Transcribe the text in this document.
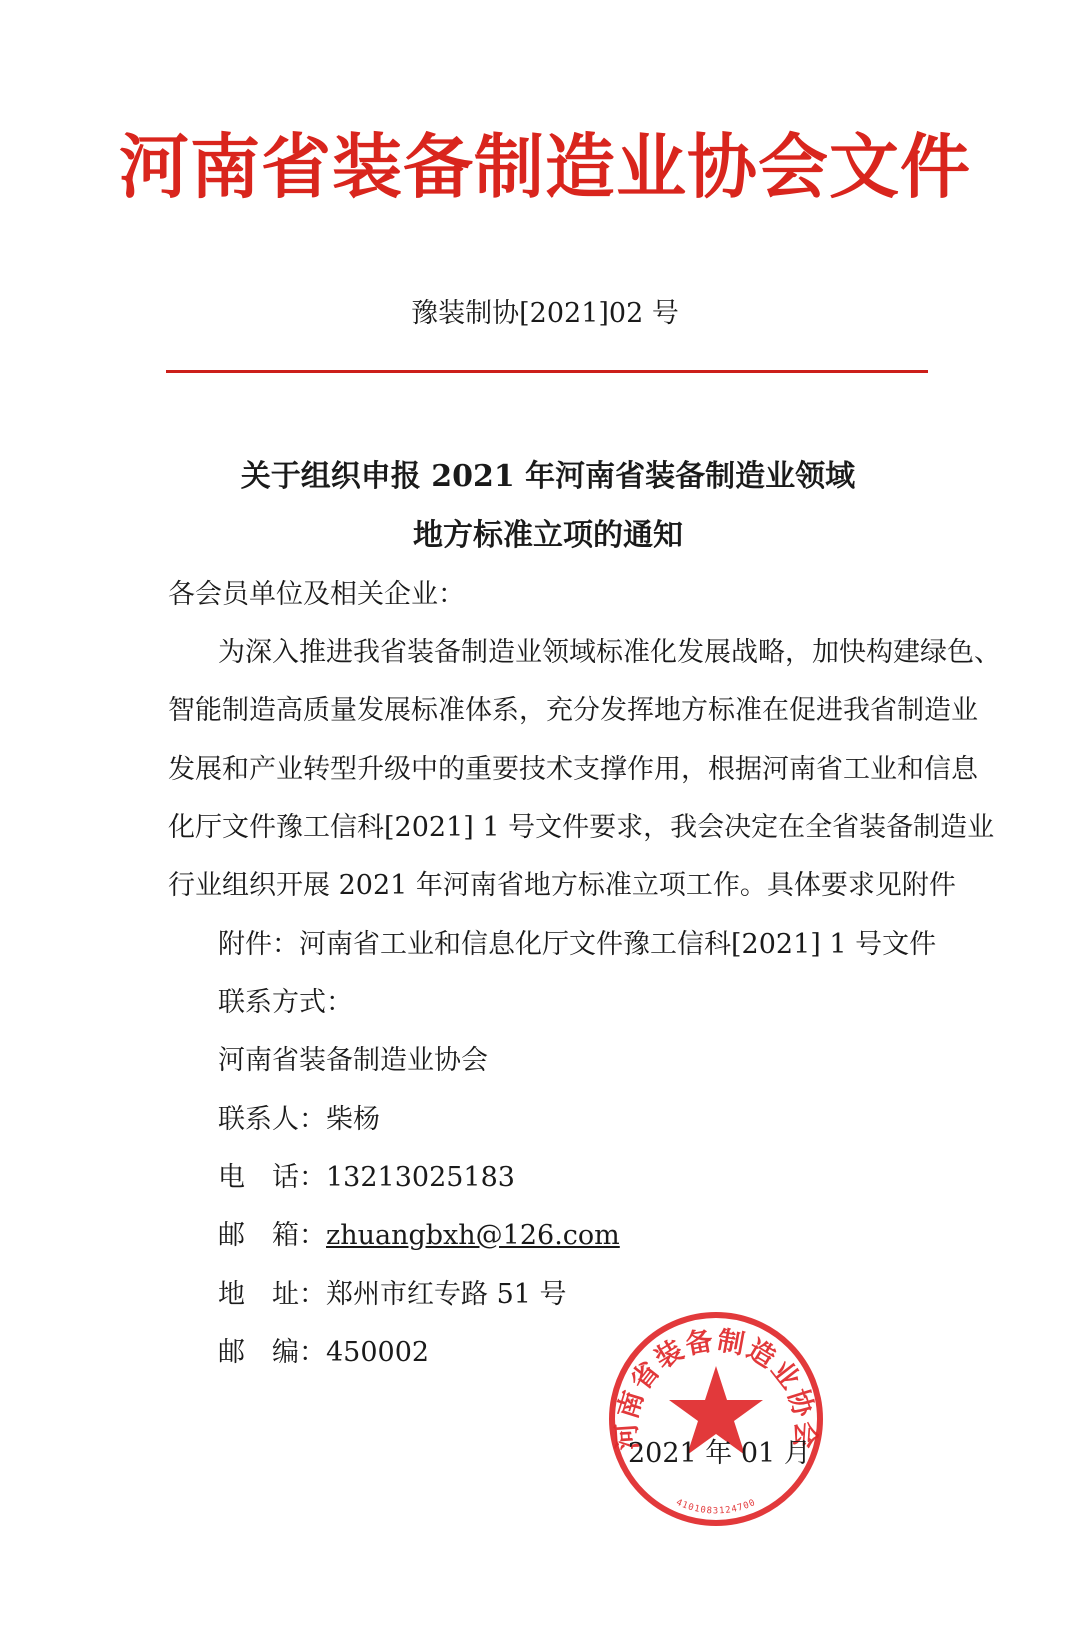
河南省装备制造业协会文件
豫装制协[2021]02 号
关于组织申报 2021 年河南省装备制造业领域
地方标准立项的通知
各会员单位及相关企业：
为深入推进我省装备制造业领域标准化发展战略，加快构建绿色、
智能制造高质量发展标准体系，充分发挥地方标准在促进我省制造业
发展和产业转型升级中的重要技术支撑作用，根据河南省工业和信息
化厅文件豫工信科[2021] 1 号文件要求，我会决定在全省装备制造业
行业组织开展 2021 年河南省地方标准立项工作。具体要求见附件
附件：河南省工业和信息化厅文件豫工信科[2021] 1 号文件
联系方式：
河南省装备制造业协会
联系人：柴杨
电　话：13213025183
邮　箱：zhuangbxh@126.com
地　址：郑州市红专路 51 号
邮　编：450002
河南省装备制造业协会
4101083124700
2021 年 01 月
